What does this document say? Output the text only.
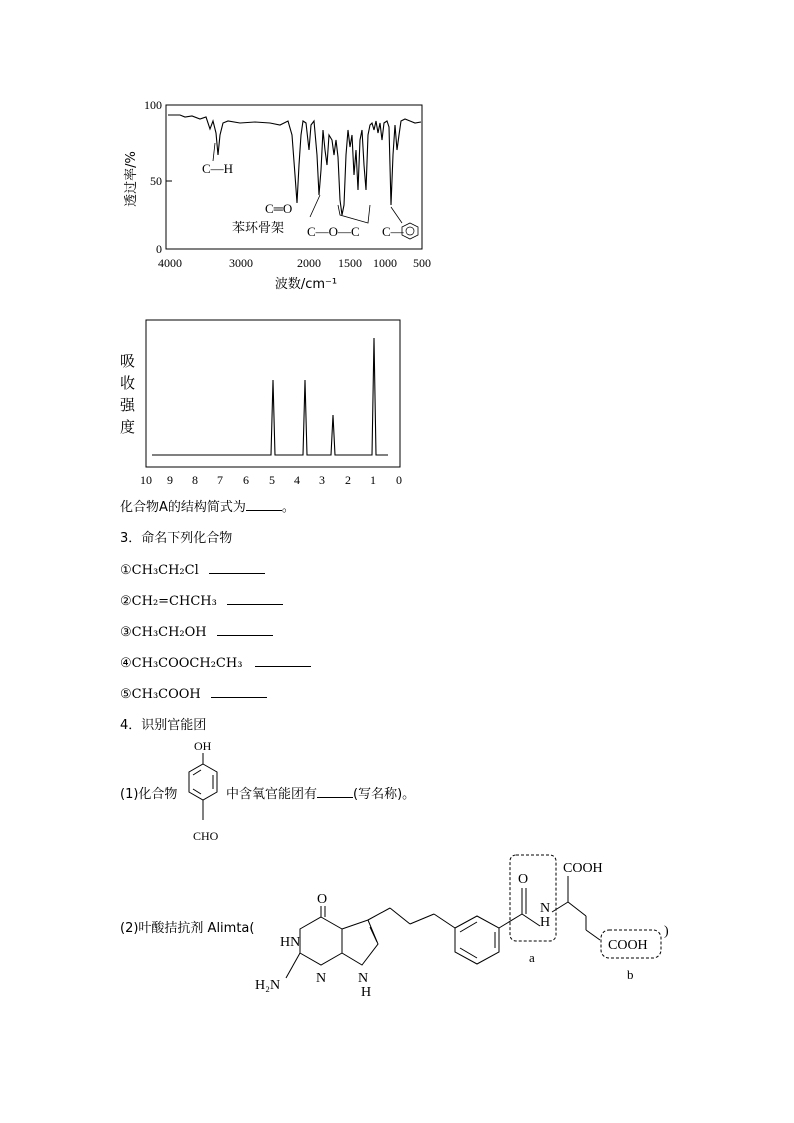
100
50
0
透过率/%
4000	3000	2000 1500 1000 500
波数/cm⁻¹
C—H
C═O
苯环骨架 C—O—C C—
吸
收
强
度
10 9 8 7 6 5 4 3 2 1 0
化合物A的结构简式为	。
3．命名下列化合物
①CH₃CH₂Cl
②CH₂=CHCH₃
③CH₃CH₂OH
④CH₃COOCH₂CH₃
⑤CH₃COOH
4．识别官能团
(1)化合物
OH
CHO
中含氧官能团有	(写名称)。
(2)叶酸拮抗剂 Alimta(
O
HN
H₂N	N N
H
O
N
H
a
COOH
COOH
b
)
